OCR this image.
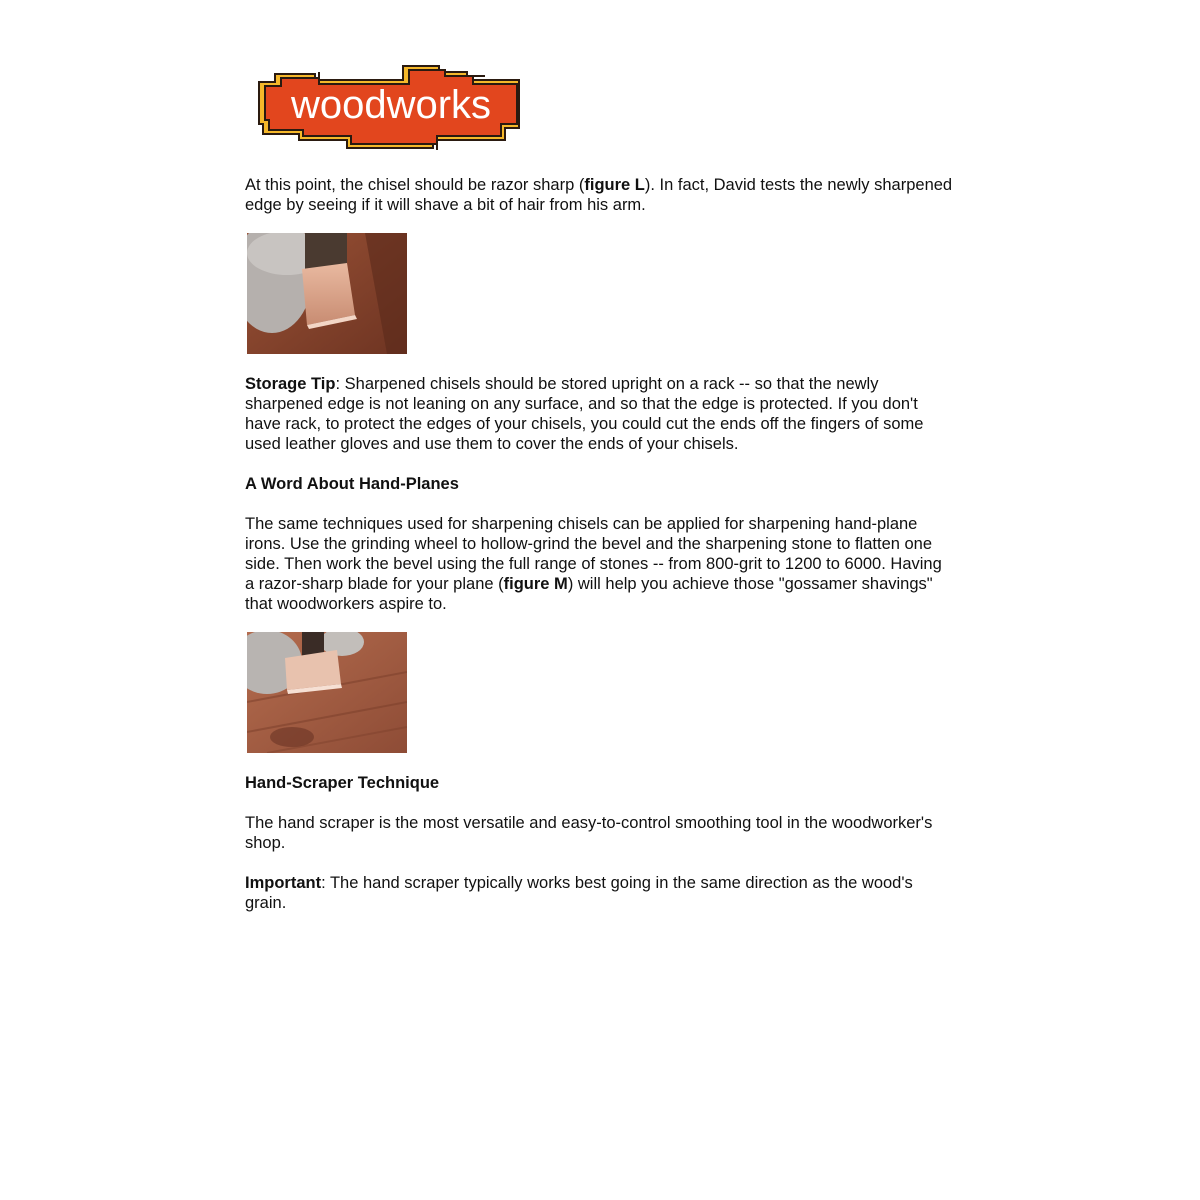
woodworks

At this point, the chisel should be razor sharp (figure L). In fact, David tests the newly sharpened edge by seeing if it will shave a bit of hair from his arm.

Storage Tip: Sharpened chisels should be stored upright on a rack -- so that the newly sharpened edge is not leaning on any surface, and so that the edge is protected. If you don't have rack, to protect the edges of your chisels, you could cut the ends off the fingers of some used leather gloves and use them to cover the ends of your chisels.

A Word About Hand-Planes

The same techniques used for sharpening chisels can be applied for sharpening hand-plane irons. Use the grinding wheel to hollow-grind the bevel and the sharpening stone to flatten one side. Then work the bevel using the full range of stones -- from 800-grit to 1200 to 6000. Having a razor-sharp blade for your plane (figure M) will help you achieve those "gossamer shavings" that woodworkers aspire to.

Hand-Scraper Technique

The hand scraper is the most versatile and easy-to-control smoothing tool in the woodworker's shop.

Important: The hand scraper typically works best going in the same direction as the wood's grain.
